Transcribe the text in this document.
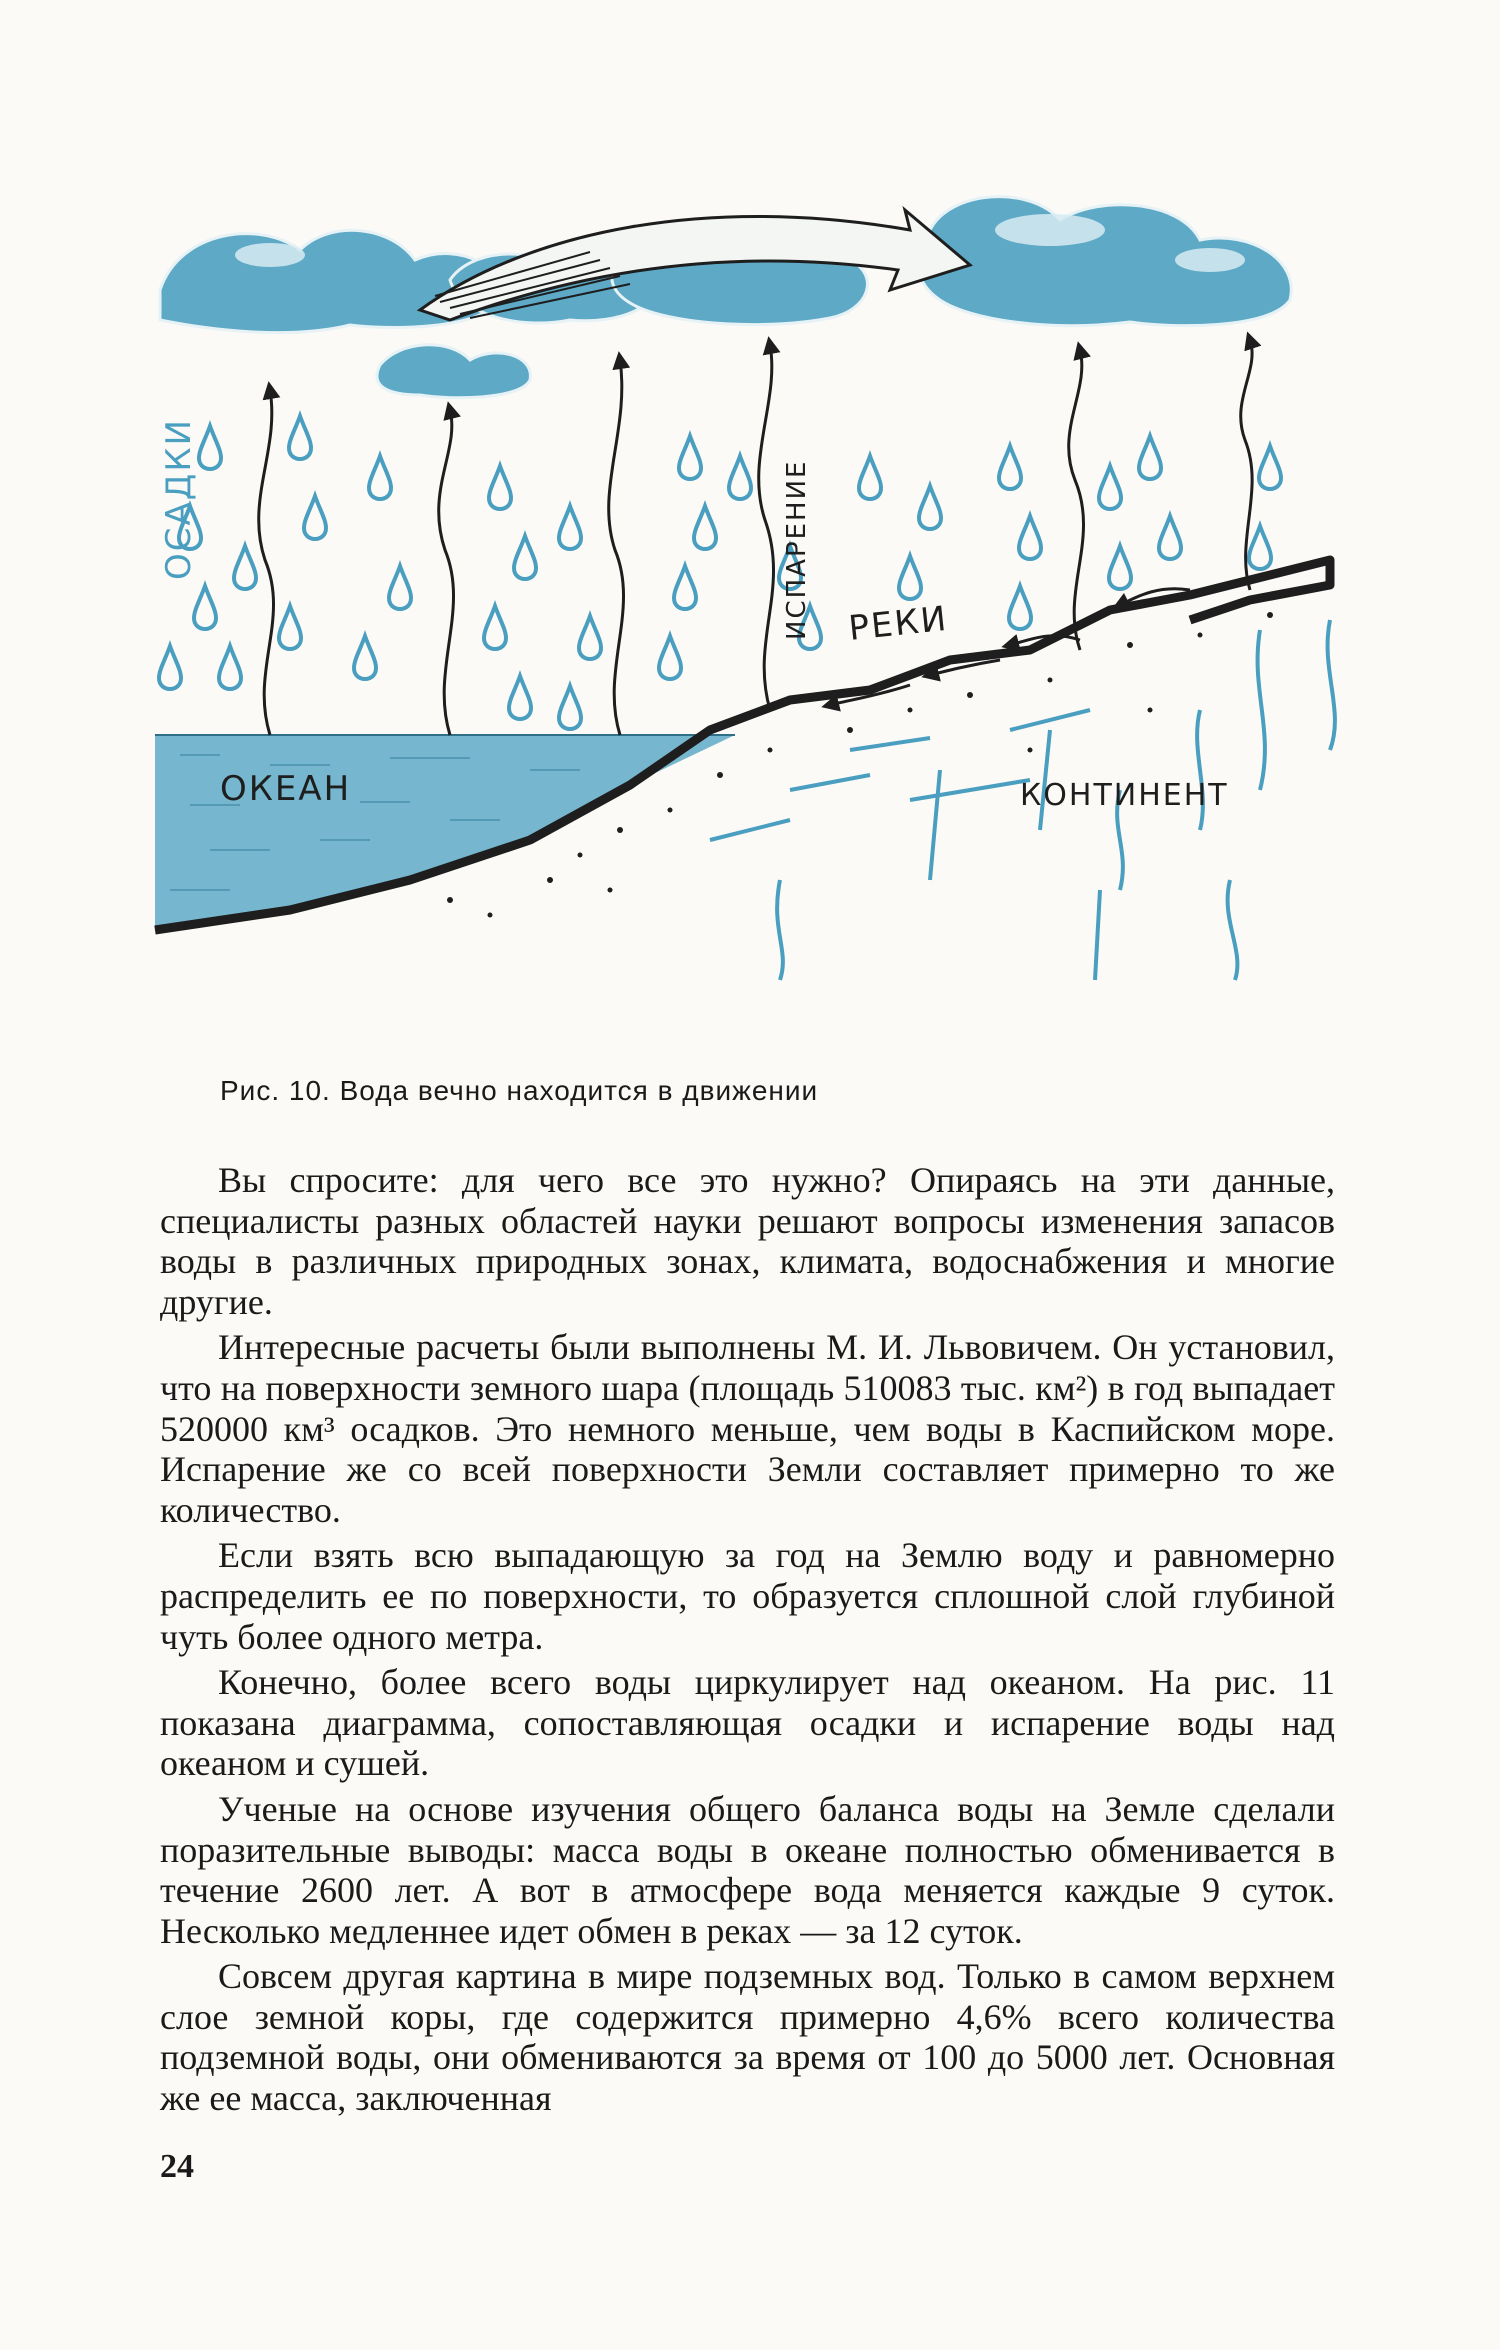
ОСАДКИ	ИСПАРЕНИЕ РЕКИ
ОКЕАН	КОНТИНЕНТ
Рис. 10. Вода вечно находится в движении

Вы спросите: для чего все это нужно? Опираясь на эти данные, специалисты разных областей науки решают вопросы изменения запасов воды в различных природных зонах, климата, водоснабжения и многие другие.

Интересные расчеты были выполнены М. И. Львовичем. Он установил, что на поверхности земного шара (площадь 510083 тыс. км²) в год выпадает 520000 км³ осадков. Это немного меньше, чем воды в Каспийском море. Испарение же со всей поверхности Земли составляет примерно то же количество.

Если взять всю выпадающую за год на Землю воду и равномерно распределить ее по поверхности, то образуется сплошной слой глубиной чуть более одного метра.

Конечно, более всего воды циркулирует над океаном. На рис. 11 показана диаграмма, сопоставляющая осадки и испарение воды над океаном и сушей.

Ученые на основе изучения общего баланса воды на Земле сделали поразительные выводы: масса воды в океане полностью обменивается в течение 2600 лет. А вот в атмосфере вода меняется каждые 9 суток. Несколько медленнее идет обмен в реках — за 12 суток.

Совсем другая картина в мире подземных вод. Только в самом верхнем слое земной коры, где содержится примерно 4,6% всего количества подземной воды, они обмениваются за время от 100 до 5000 лет. Основная же ее масса, заключенная

24
